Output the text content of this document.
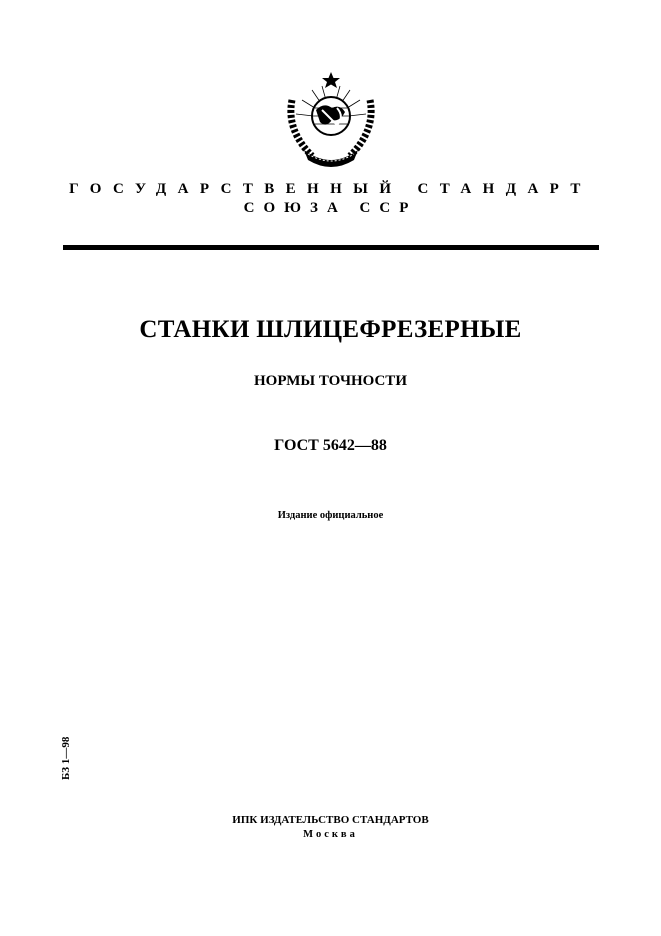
ГОСУДАРСТВЕННЫЙ СТАНДАРТ
СОЮЗА ССР
СТАНКИ ШЛИЦЕФРЕЗЕРНЫЕ
НОРМЫ ТОЧНОСТИ
ГОСТ 5642—88
Издание официальное
БЗ 1—98
ИПК ИЗДАТЕЛЬСТВО СТАНДАРТОВ
Москва
